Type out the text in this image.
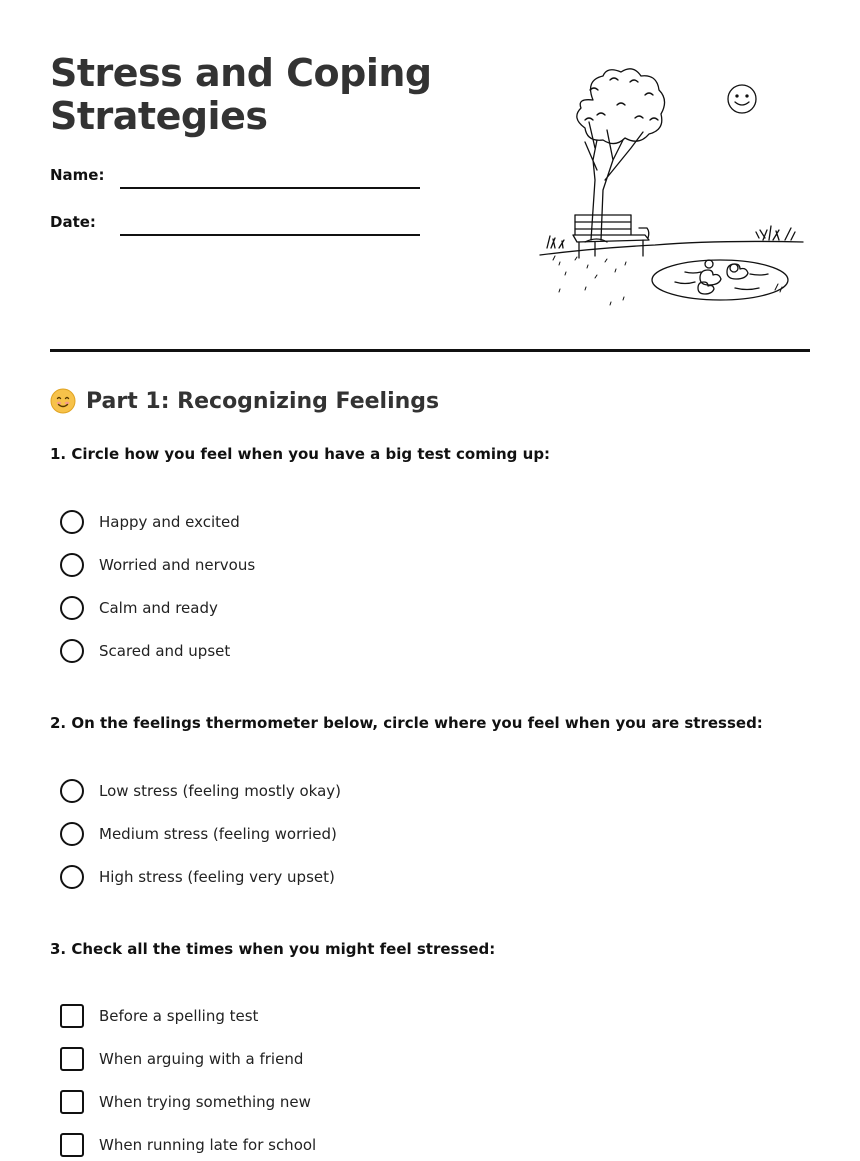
Stress and Coping Strategies
Name:
Date:
Part 1: Recognizing Feelings

1. Circle how you feel when you have a big test coming up:

Happy and excited
Worried and nervous
Calm and ready
Scared and upset

2. On the feelings thermometer below, circle where you feel when you are stressed:

Low stress (feeling mostly okay)
Medium stress (feeling worried)
High stress (feeling very upset)

3. Check all the times when you might feel stressed:

Before a spelling test
When arguing with a friend
When trying something new
When running late for school
